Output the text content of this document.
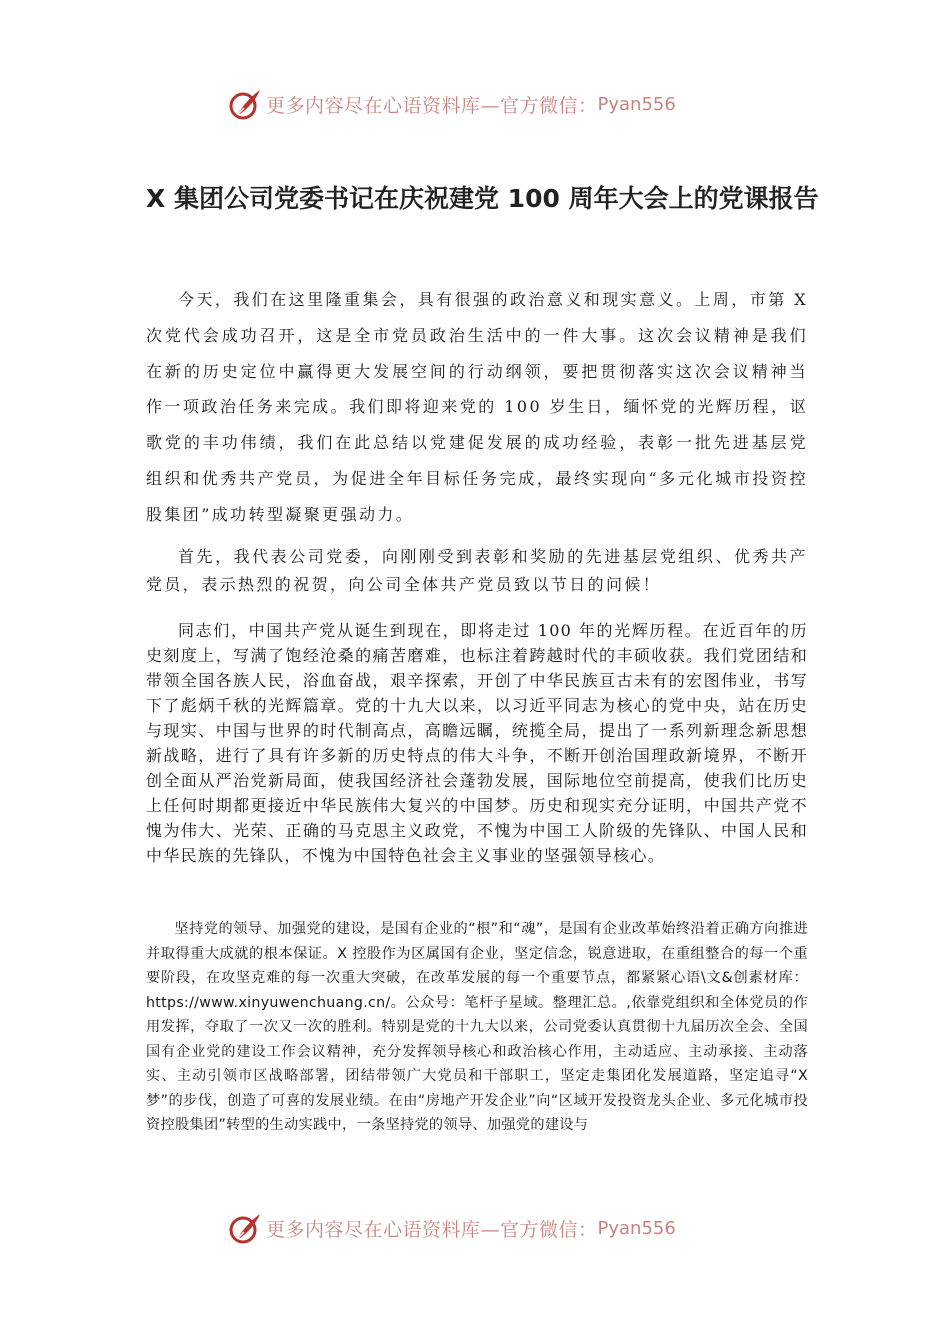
更多内容尽在心语资料库—官方微信： Pyan556
X 集团公司党委书记在庆祝建党 100 周年大会上的党课报告

今天，我们在这里隆重集会，具有很强的政治意义和现实意义。上周，市第 X 次党代会成功召开，这是全市党员政治生活中的一件大事。这次会议精神是我们在新的历史定位中赢得更大发展空间的行动纲领，要把贯彻落实这次会议精神当作一项政治任务来完成。我们即将迎来党的 100 岁生日，缅怀党的光辉历程，讴歌党的丰功伟绩，我们在此总结以党建促发展的成功经验，表彰一批先进基层党组织和优秀共产党员，为促进全年目标任务完成，最终实现向“多元化城市投资控股集团”成功转型凝聚更强动力。

首先，我代表公司党委，向刚刚受到表彰和奖励的先进基层党组织、优秀共产党员，表示热烈的祝贺，向公司全体共产党员致以节日的问候！

同志们，中国共产党从诞生到现在，即将走过 100 年的光辉历程。在近百年的历史刻度上，写满了饱经沧桑的痛苦磨难，也标注着跨越时代的丰硕收获。我们党团结和带领全国各族人民，浴血奋战，艰辛探索，开创了中华民族亘古未有的宏图伟业，书写下了彪炳千秋的光辉篇章。党的十九大以来，以习近平同志为核心的党中央，站在历史与现实、中国与世界的时代制高点，高瞻远瞩，统揽全局，提出了一系列新理念新思想新战略，进行了具有许多新的历史特点的伟大斗争，不断开创治国理政新境界，不断开创全面从严治党新局面，使我国经济社会蓬勃发展，国际地位空前提高，使我们比历史上任何时期都更接近中华民族伟大复兴的中国梦。历史和现实充分证明，中国共产党不愧为伟大、光荣、正确的马克思主义政党，不愧为中国工人阶级的先锋队、中国人民和中华民族的先锋队，不愧为中国特色社会主义事业的坚强领导核心。

坚持党的领导、加强党的建设，是国有企业的“根”和“魂”，是国有企业改革始终沿着正确方向推进并取得重大成就的根本保证。X 控股作为区属国有企业，坚定信念，锐意进取，在重组整合的每一个重要阶段，在攻坚克难的每一次重大突破，在改革发展的每一个重要节点，都紧紧心语\文&创素材库：https://www.xinyuwenchuang.cn/。公众号：笔杆子星域。整理汇总。,依靠党组织和全体党员的作用发挥，夺取了一次又一次的胜利。特别是党的十九大以来，公司党委认真贯彻十九届历次全会、全国国有企业党的建设工作会议精神，充分发挥领导核心和政治核心作用，主动适应、主动承接、主动落实、主动引领市区战略部署，团结带领广大党员和干部职工，坚定走集团化发展道路，坚定追寻“X 梦”的步伐，创造了可喜的发展业绩。在由“房地产开发企业”向“区域开发投资龙头企业、多元化城市投资控股集团”转型的生动实践中，一条坚持党的领导、加强党的建设与

更多内容尽在心语资料库—官方微信： Pyan556
